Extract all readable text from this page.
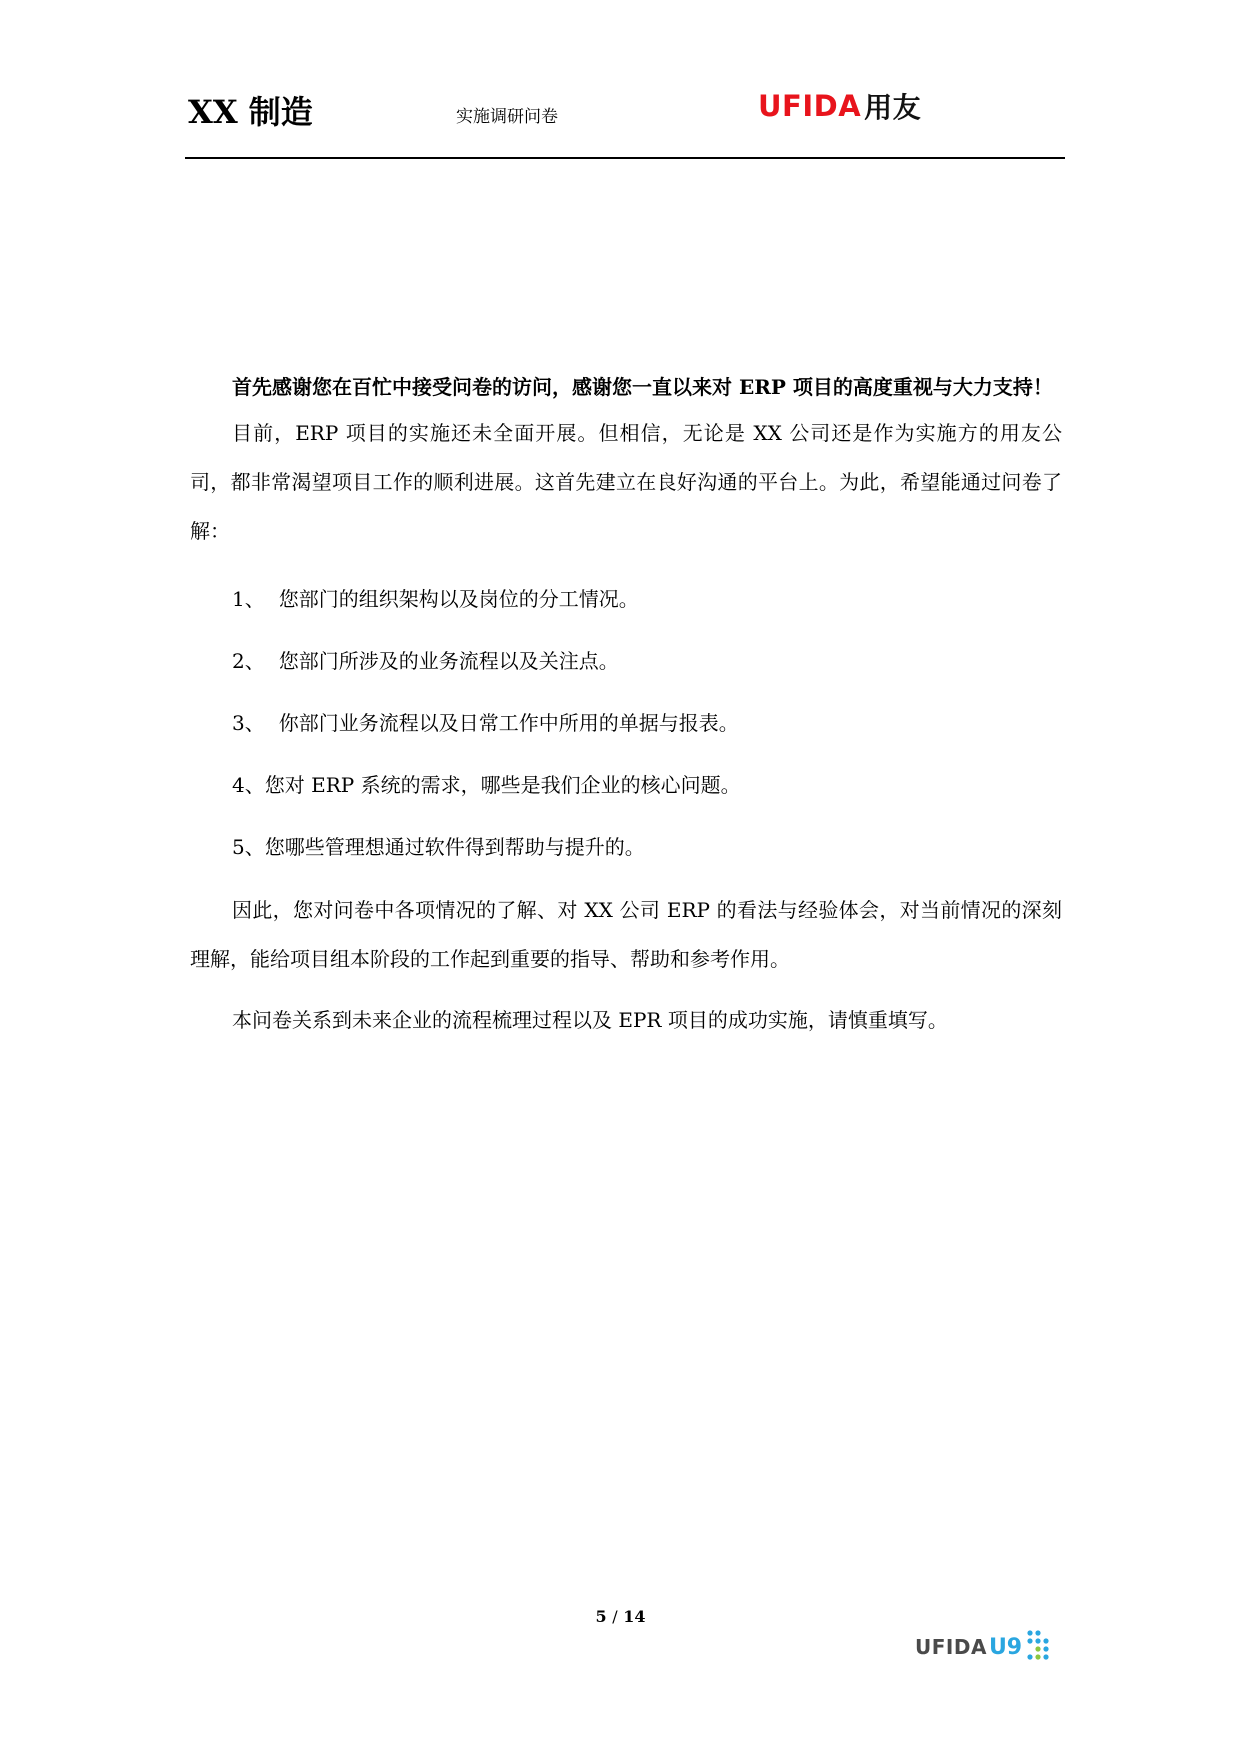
XX 制造	实施调研问卷	UFIDA 用友

首先感谢您在百忙中接受问卷的访问，感谢您一直以来对 ERP 项目的高度重视与大力支持！

目前，ERP 项目的实施还未全面开展。但相信，无论是 XX 公司还是作为实施方的用友公司，都非常渴望项目工作的顺利进展。这首先建立在良好沟通的平台上。为此，希望能通过问卷了解：

1、 您部门的组织架构以及岗位的分工情况。
2、 您部门所涉及的业务流程以及关注点。
3、 你部门业务流程以及日常工作中所用的单据与报表。
4、您对 ERP 系统的需求，哪些是我们企业的核心问题。
5、您哪些管理想通过软件得到帮助与提升的。

因此，您对问卷中各项情况的了解、对 XX 公司 ERP 的看法与经验体会，对当前情况的深刻理解，能给项目组本阶段的工作起到重要的指导、帮助和参考作用。

本问卷关系到未来企业的流程梳理过程以及 EPR 项目的成功实施，请慎重填写。

5 / 14
UFIDA U9
